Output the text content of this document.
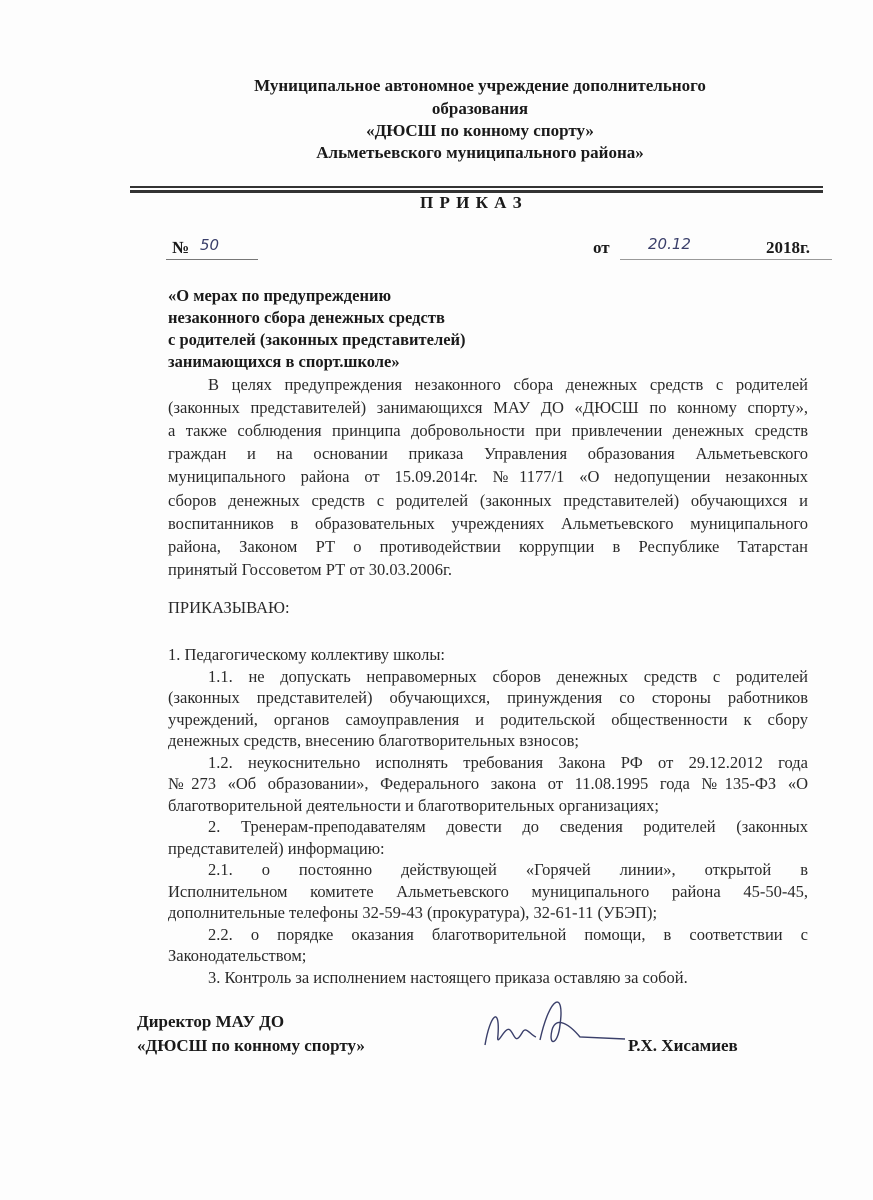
Муниципальное автономное учреждение дополнительного
образования
«ДЮСШ по конному спорту»
Альметьевского муниципального района»
П Р И К А З
№ 50	от	20.12	2018г.
«О мерах по предупреждению
незаконного сбора денежных средств
с родителей (законных представителей)
занимающихся в спорт.школе»
В целях предупреждения незаконного сбора денежных средств с родителей
(законных представителей) занимающихся МАУ ДО «ДЮСШ по конному спорту»,
а также соблюдения принципа добровольности при привлечении денежных средств
граждан и на основании приказа Управления образования Альметьевского
муниципального района от 15.09.2014г. №1177/1 «О недопущении незаконных
сборов денежных средств с родителей (законных представителей) обучающихся и
воспитанников в образовательных учреждениях Альметьевского муниципального
района, Законом РТ о противодействии коррупции в Республике Татарстан
принятый Госсоветом РТ от 30.03.2006г.
ПРИКАЗЫВАЮ:
1. Педагогическому коллективу школы:
1.1. не допускать неправомерных сборов денежных средств с родителей
(законных представителей) обучающихся, принуждения со стороны работников
учреждений, органов самоуправления и родительской общественности к сбору
денежных средств, внесению благотворительных взносов;
1.2. неукоснительно исполнять требования Закона РФ от 29.12.2012 года
№273 «Об образовании», Федерального закона от 11.08.1995 года №135-ФЗ «О
благотворительной деятельности и благотворительных организациях;
2. Тренерам-преподавателям довести до сведения родителей (законных
представителей) информацию:
2.1. о постоянно действующей «Горячей линии», открытой в
Исполнительном комитете Альметьевского муниципального района 45-50-45,
дополнительные телефоны 32-59-43 (прокуратура), 32-61-11 (УБЭП);
2.2. о порядке оказания благотворительной помощи, в соответствии с
Законодательством;
3. Контроль за исполнением настоящего приказа оставляю за собой.
Директор МАУ ДО
«ДЮСШ по конному спорту»	Р.Х. Хисамиев
